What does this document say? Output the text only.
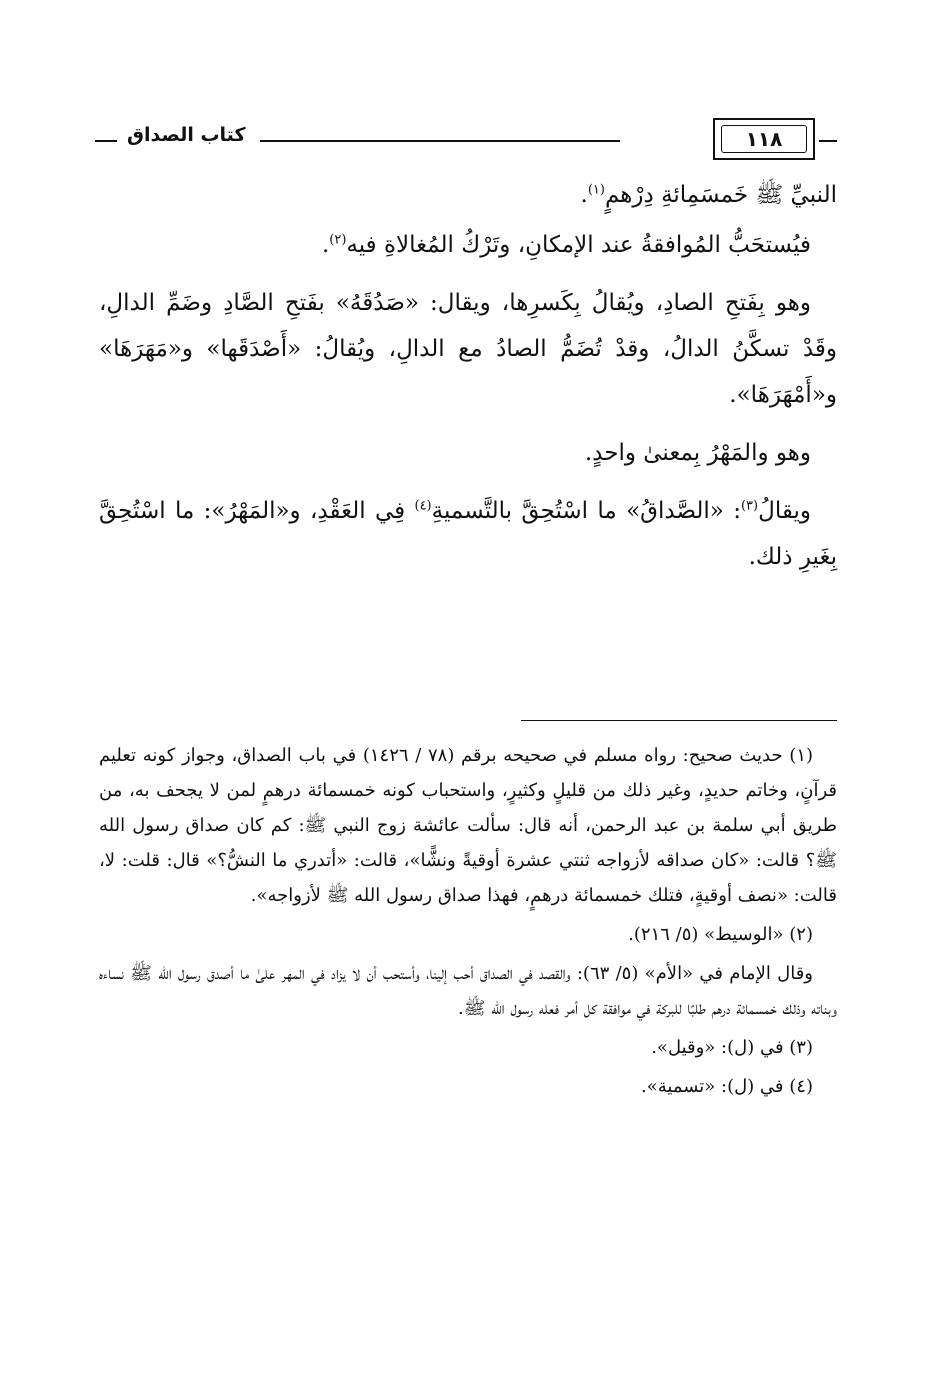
١١٨
كتاب الصداق

النبيِّ ﷺ خَمسَمِائةِ دِرْهمٍ$^{(١)}$.

فيُستحَبُّ المُوافقةُ عند الإمكانِ، وتَرْكُ المُغالاةِ فيه$^{(٢)}$.

وهو بِفَتحِ الصادِ، ويُقالُ بِكَسرِها، ويقال: «صَدُقَهُ» بفَتحِ الصَّادِ وضَمِّ الدالِ، وقَدْ تسكَّنُ الدالُ، وقدْ تُضَمُّ الصادُ مع الدالِ، ويُقالُ: «أَصْدَقَها» و«مَهَرَهَا» و«أَمْهَرَهَا».

وهو والمَهْرُ بِمعنىٰ واحدٍ.

ويقالُ$^{(٣)}$: «الصَّداقُ» ما اسْتُحِقَّ بالتَّسميةِ$^{(٤)}$ فِي العَقْدِ، و«المَهْرُ»: ما اسْتُحِقَّ بِغَيرِ ذلك.

(١) حديث صحيح: رواه مسلم في صحيحه برقم (٧٨ / ١٤٢٦) في باب الصداق، وجواز كونه تعليم قرآنٍ، وخاتم حديدٍ، وغير ذلك من قليلٍ وكثيرٍ، واستحباب كونه خمسمائة درهمٍ لمن لا يجحف به، من طريق أبي سلمة بن عبد الرحمن، أنه قال: سألت عائشة زوج النبي ﷺ: كم كان صداق رسول الله ﷺ؟ قالت: «كان صداقه لأزواجه ثنتي عشرة أوقيةً ونشًّا»، قالت: «أتدري ما النشُّ؟» قال: قلت: لا، قالت: «نصف أوقيةٍ، فتلك خمسمائة درهمٍ، فهذا صداق رسول الله ﷺ لأزواجه».

(٢) «الوسيط» (٥/ ٢١٦).

وقال الإمام في «الأم» (٥/ ٦٣): والقصد في الصداق أحب إلينا، وأستحب أن لا يزاد في المهر علىٰ ما أصدق رسول الله ﷺ نساءه وبناته وذلك خمسمائة درهم طلبًا للبركة في موافقة كل أمر فعله رسول الله ﷺ.

(٣) في (ل): «وقيل».

(٤) في (ل): «تسمية».
